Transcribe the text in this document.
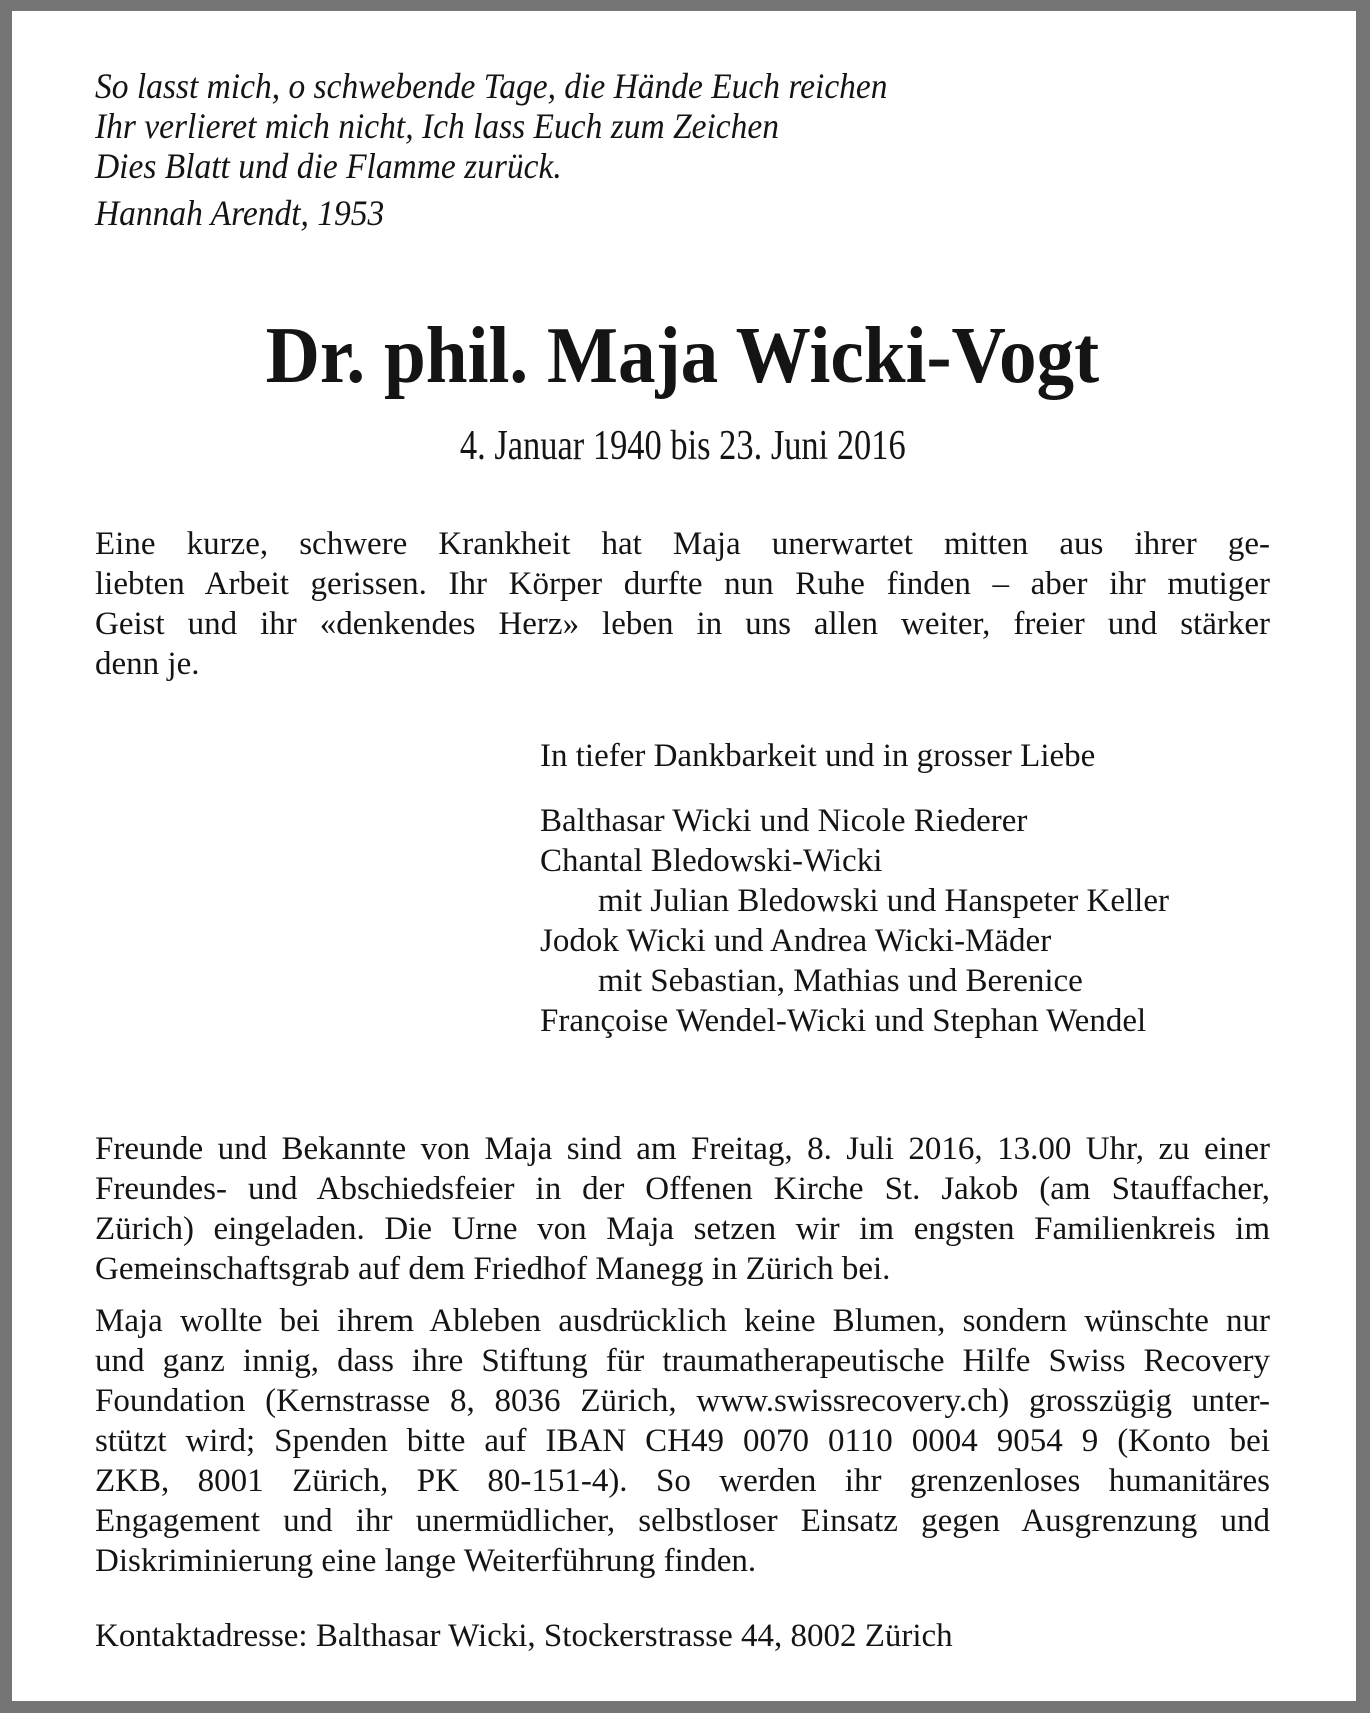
So lasst mich, o schwebende Tage, die Hände Euch reichen
Ihr verlieret mich nicht, Ich lass Euch zum Zeichen
Dies Blatt und die Flamme zurück.
Hannah Arendt, 1953
Dr. phil. Maja Wicki-Vogt
4. Januar 1940 bis 23. Juni 2016
Eine kurze, schwere Krankheit hat Maja unerwartet mitten aus ihrer ge-
liebten Arbeit gerissen. Ihr Körper durfte nun Ruhe finden – aber ihr mutiger
Geist und ihr «denkendes Herz» leben in uns allen weiter, freier und stärker
denn je.
In tiefer Dankbarkeit und in grosser Liebe
Balthasar Wicki und Nicole Riederer
Chantal Bledowski-Wicki
mit Julian Bledowski und Hanspeter Keller
Jodok Wicki und Andrea Wicki-Mäder
mit Sebastian, Mathias und Berenice
Françoise Wendel-Wicki und Stephan Wendel
Freunde und Bekannte von Maja sind am Freitag, 8. Juli 2016, 13.00 Uhr, zu einer
Freundes- und Abschiedsfeier in der Offenen Kirche St. Jakob (am Stauffacher,
Zürich) eingeladen. Die Urne von Maja setzen wir im engsten Familienkreis im
Gemeinschaftsgrab auf dem Friedhof Manegg in Zürich bei.
Maja wollte bei ihrem Ableben ausdrücklich keine Blumen, sondern wünschte nur
und ganz innig, dass ihre Stiftung für traumatherapeutische Hilfe Swiss Recovery
Foundation (Kernstrasse 8, 8036 Zürich, www.swissrecovery.ch) grosszügig unter-
stützt wird; Spenden bitte auf IBAN CH49 0070 0110 0004 9054 9 (Konto bei
ZKB, 8001 Zürich, PK 80-151-4). So werden ihr grenzenloses humanitäres
Engagement und ihr unermüdlicher, selbstloser Einsatz gegen Ausgrenzung und
Diskriminierung eine lange Weiterführung finden.
Kontaktadresse: Balthasar Wicki, Stockerstrasse 44, 8002 Zürich
